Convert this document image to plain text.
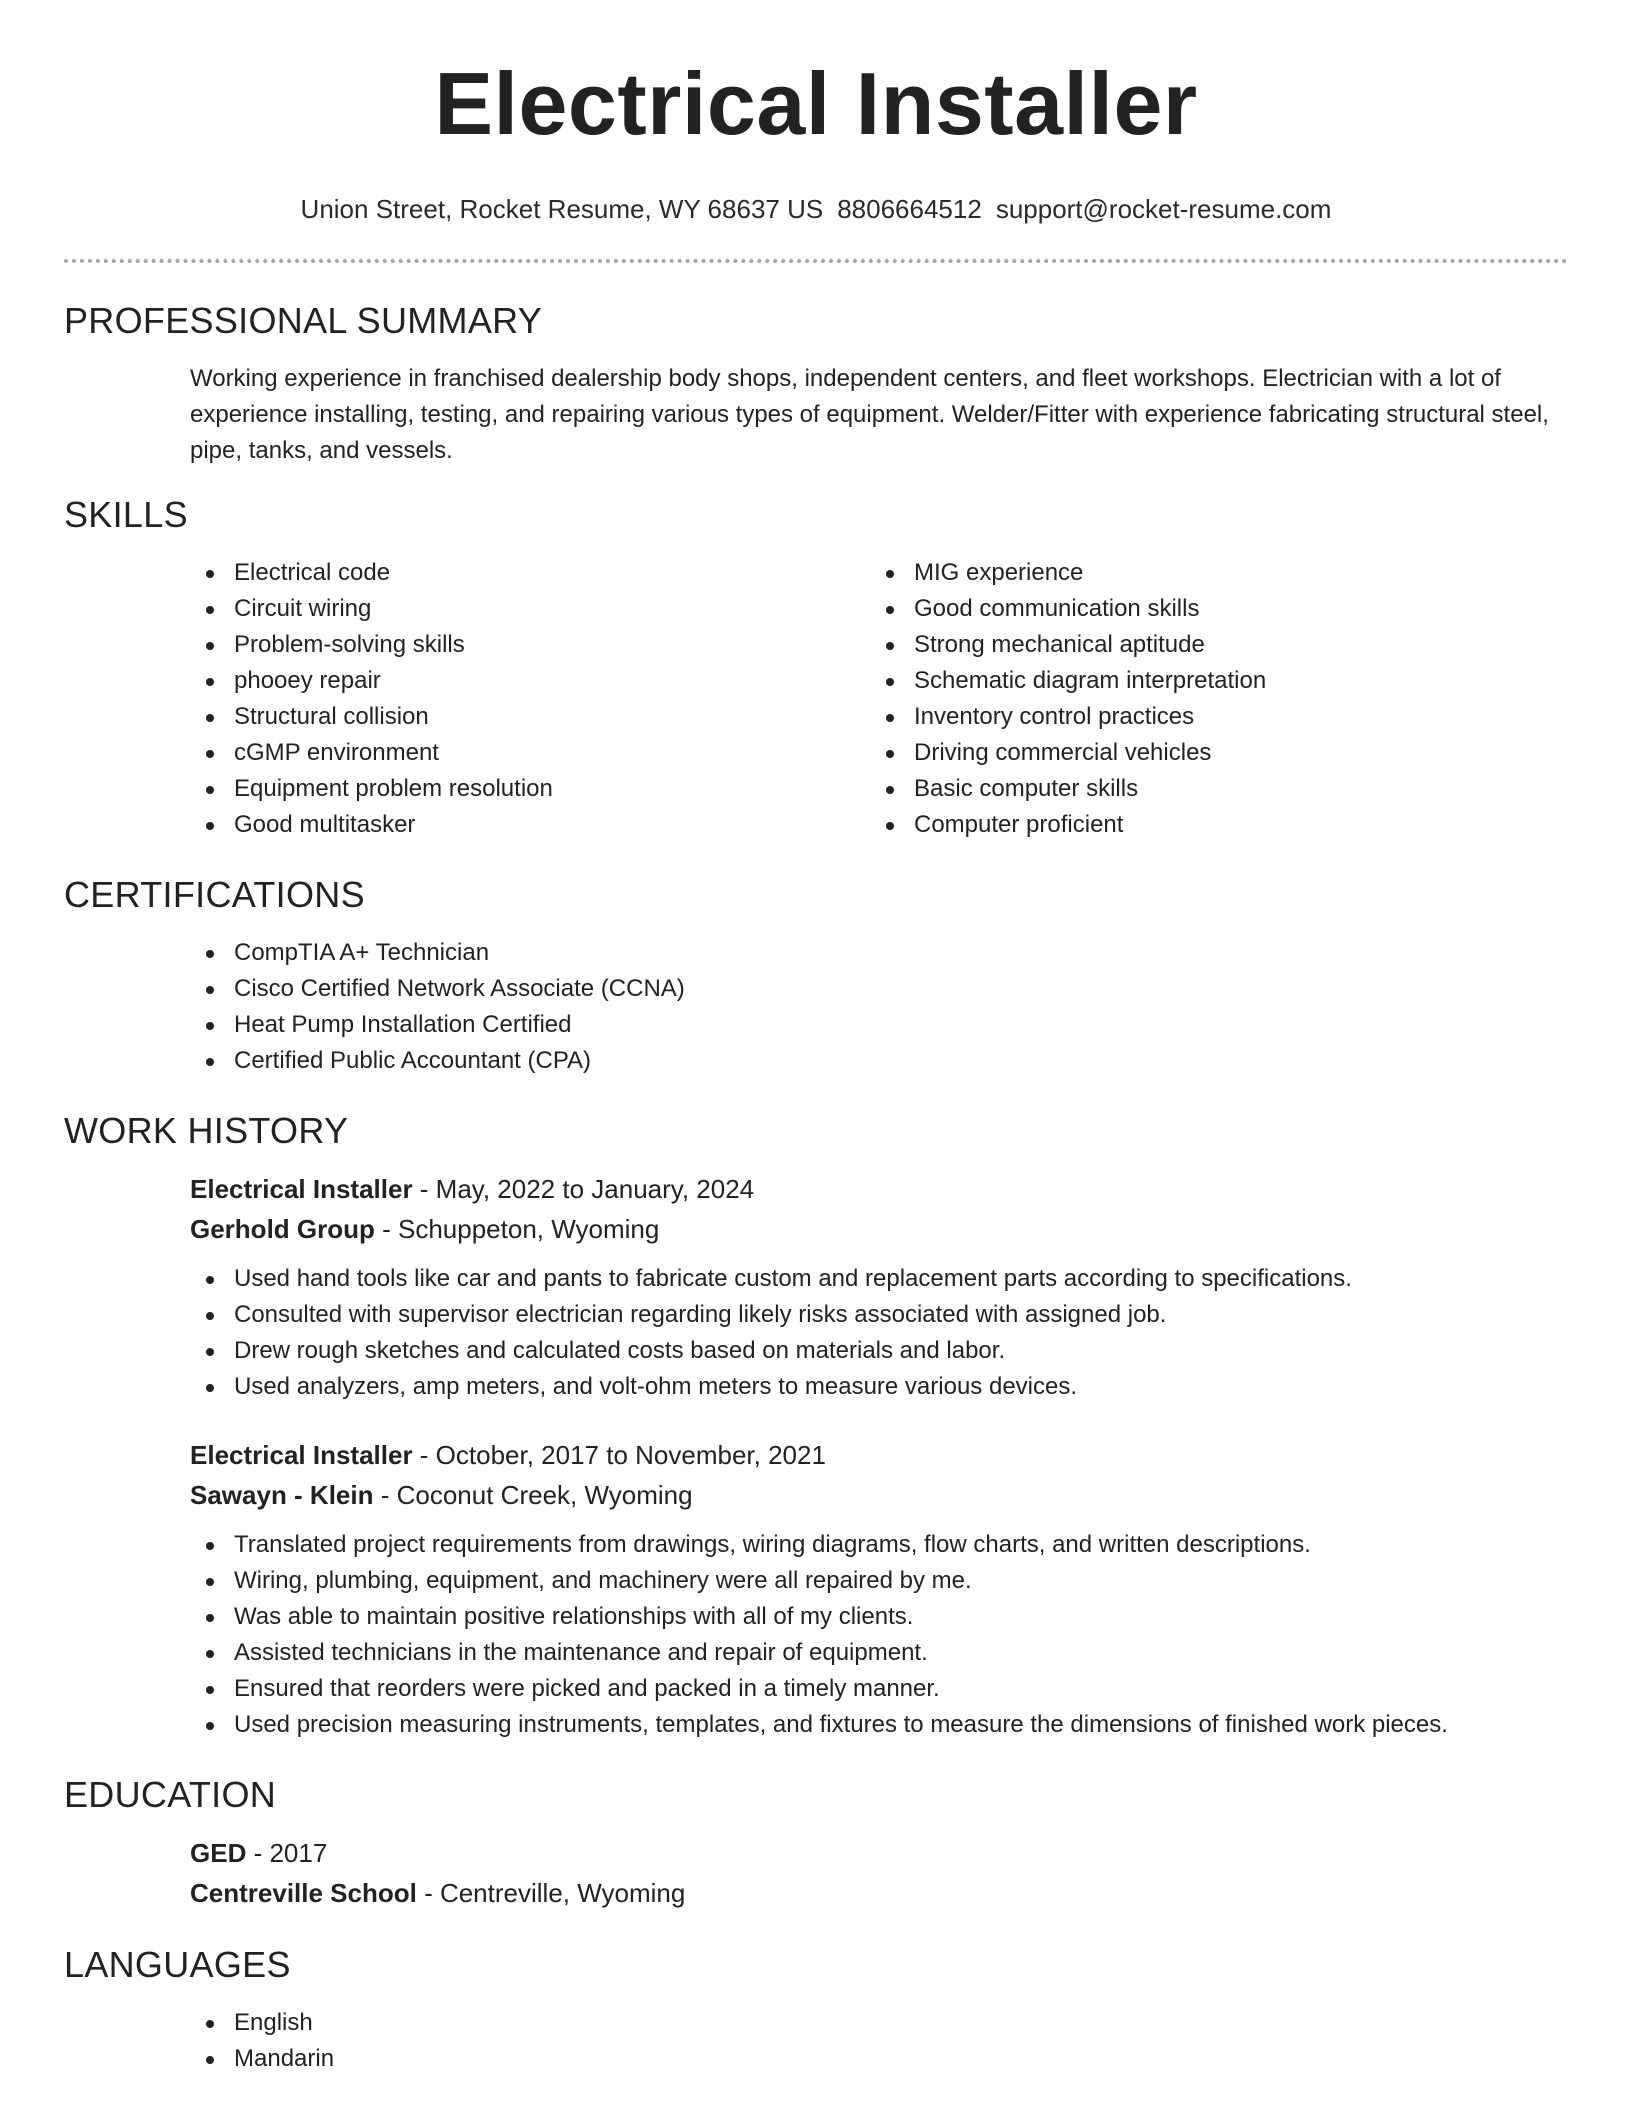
Electrical Installer
Union Street, Rocket Resume, WY 68637 US 8806664512 support@rocket-resume.com
PROFESSIONAL SUMMARY

Working experience in franchised dealership body shops, independent centers, and fleet workshops. Electrician with a lot of experience installing, testing, and repairing various types of equipment. Welder/Fitter with experience fabricating structural steel, pipe, tanks, and vessels.

SKILLS
Electrical code
Circuit wiring
Problem-solving skills
phooey repair
Structural collision
cGMP environment
Equipment problem resolution
Good multitasker
MIG experience
Good communication skills
Strong mechanical aptitude
Schematic diagram interpretation
Inventory control practices
Driving commercial vehicles
Basic computer skills
Computer proficient
CERTIFICATIONS
CompTIA A+ Technician
Cisco Certified Network Associate (CCNA)
Heat Pump Installation Certified
Certified Public Accountant (CPA)
WORK HISTORY
Electrical Installer - May, 2022 to January, 2024
Gerhold Group - Schuppeton, Wyoming
Used hand tools like car and pants to fabricate custom and replacement parts according to specifications.
Consulted with supervisor electrician regarding likely risks associated with assigned job.
Drew rough sketches and calculated costs based on materials and labor.
Used analyzers, amp meters, and volt-ohm meters to measure various devices.
Electrical Installer - October, 2017 to November, 2021
Sawayn - Klein - Coconut Creek, Wyoming
Translated project requirements from drawings, wiring diagrams, flow charts, and written descriptions.
Wiring, plumbing, equipment, and machinery were all repaired by me.
Was able to maintain positive relationships with all of my clients.
Assisted technicians in the maintenance and repair of equipment.
Ensured that reorders were picked and packed in a timely manner.
Used precision measuring instruments, templates, and fixtures to measure the dimensions of finished work pieces.
EDUCATION
GED - 2017
Centreville School - Centreville, Wyoming
LANGUAGES
English
Mandarin
